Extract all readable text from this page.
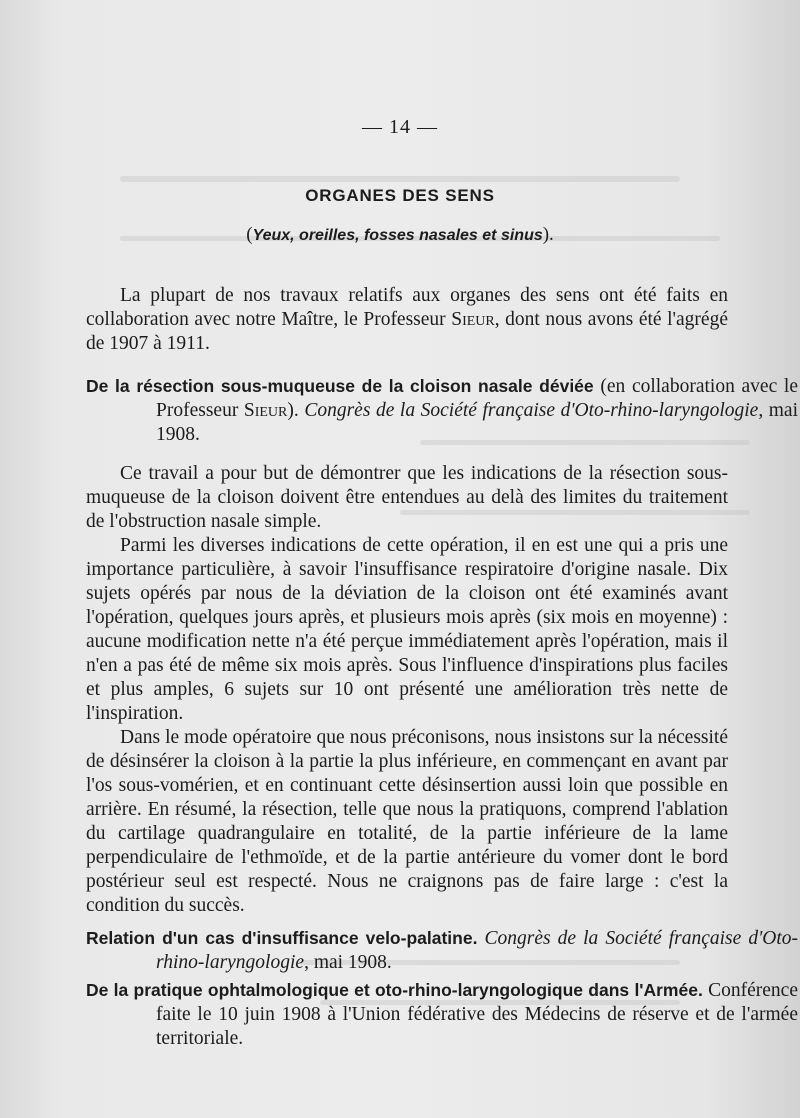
— 14 —
ORGANES DES SENS
(Yeux, oreilles, fosses nasales et sinus).
La plupart de nos travaux relatifs aux organes des sens ont été faits en collaboration avec notre Maître, le Professeur Sieur, dont nous avons été l'agrégé de 1907 à 1911.
De la résection sous-muqueuse de la cloison nasale déviée (en collaboration avec le Professeur Sieur). Congrès de la Société française d'Oto-rhino-laryngologie, mai 1908.

Ce travail a pour but de démontrer que les indications de la résection sous-muqueuse de la cloison doivent être entendues au delà des limites du traitement de l'obstruction nasale simple.

Parmi les diverses indications de cette opération, il en est une qui a pris une importance particulière, à savoir l'insuffisance respiratoire d'origine nasale. Dix sujets opérés par nous de la déviation de la cloison ont été examinés avant l'opération, quelques jours après, et plusieurs mois après (six mois en moyenne) : aucune modification nette n'a été perçue immédiatement après l'opération, mais il n'en a pas été de même six mois après. Sous l'influence d'inspirations plus faciles et plus amples, 6 sujets sur 10 ont présenté une amélioration très nette de l'inspiration.

Dans le mode opératoire que nous préconisons, nous insistons sur la nécessité de désinsérer la cloison à la partie la plus inférieure, en commençant en avant par l'os sous-vomérien, et en continuant cette désinsertion aussi loin que possible en arrière. En résumé, la résection, telle que nous la pratiquons, comprend l'ablation du cartilage quadrangulaire en totalité, de la partie inférieure de la lame perpendiculaire de l'ethmoïde, et de la partie antérieure du vomer dont le bord postérieur seul est respecté. Nous ne craignons pas de faire large : c'est la condition du succès.

Relation d'un cas d'insuffisance velo-palatine. Congrès de la Société française d'Oto-rhino-laryngologie, mai 1908.
De la pratique ophtalmologique et oto-rhino-laryngologique dans l'Armée. Conférence faite le 10 juin 1908 à l'Union fédérative des Médecins de réserve et de l'armée territoriale.
